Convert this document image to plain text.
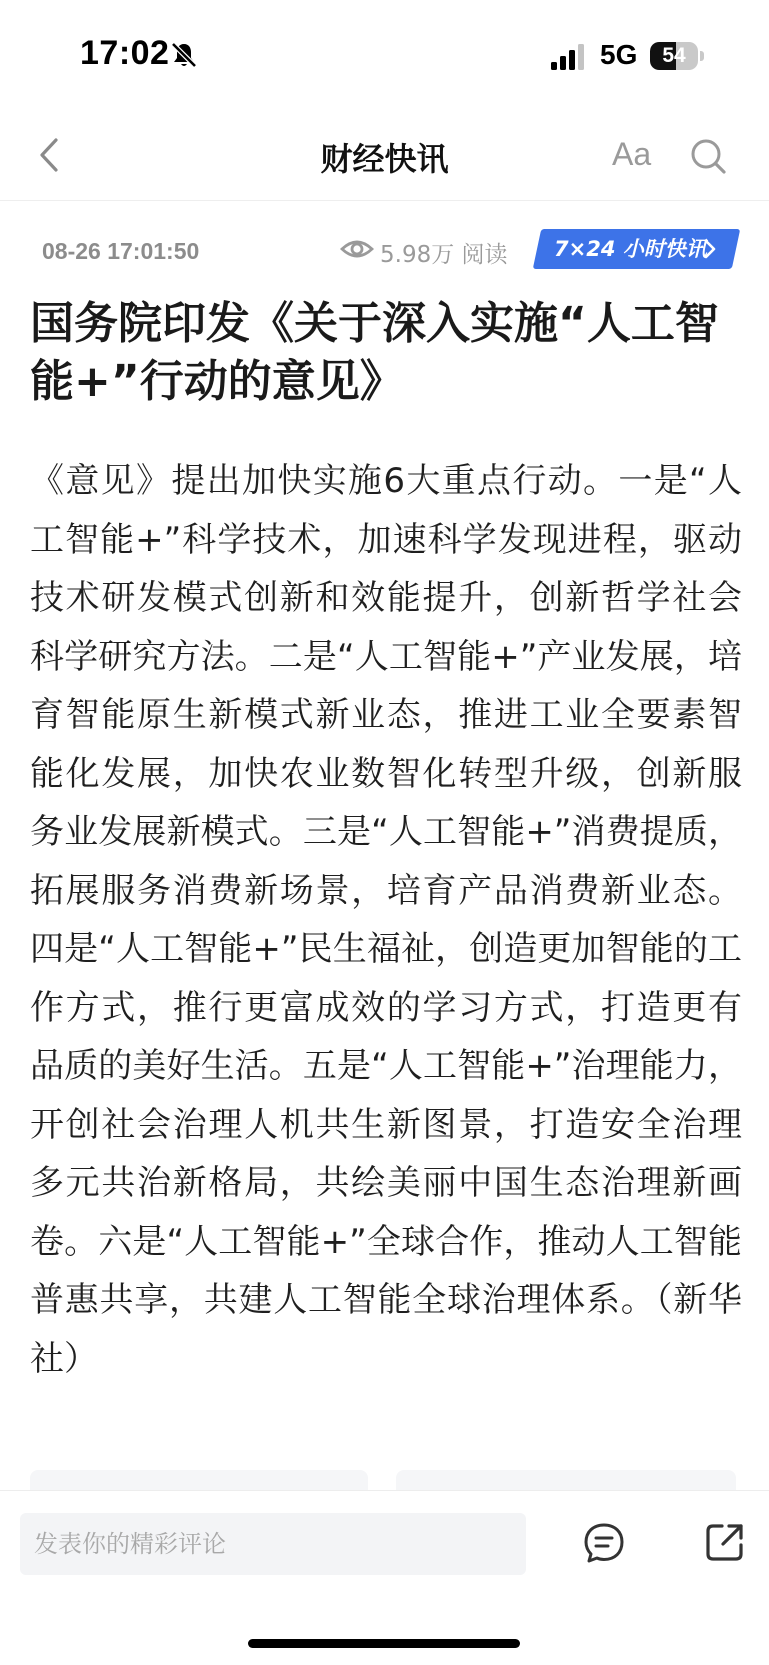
17:02	5G	54
财经快讯	Aa
08-26 17:01:50	5.98万 阅读 7×24 小时快讯
国务院印发《关于深入实施“人工智能+”行动的意见》

《意见》提出加快实施6大重点行动。一是“人工智能+”科学技术，加速科学发现进程，驱动技术研发模式创新和效能提升，创新哲学社会科学研究方法。二是“人工智能+”产业发展，培育智能原生新模式新业态，推进工业全要素智能化发展，加快农业数智化转型升级，创新服务业发展新模式。三是“人工智能+”消费提质，拓展服务消费新场景，培育产品消费新业态。四是“人工智能+”民生福祉，创造更加智能的工作方式，推行更富成效的学习方式，打造更有品质的美好生活。五是“人工智能+”治理能力，开创社会治理人机共生新图景，打造安全治理多元共治新格局，共绘美丽中国生态治理新画卷。六是“人工智能+”全球合作，推动人工智能普惠共享，共建人工智能全球治理体系。（新华社）

发表你的精彩评论
